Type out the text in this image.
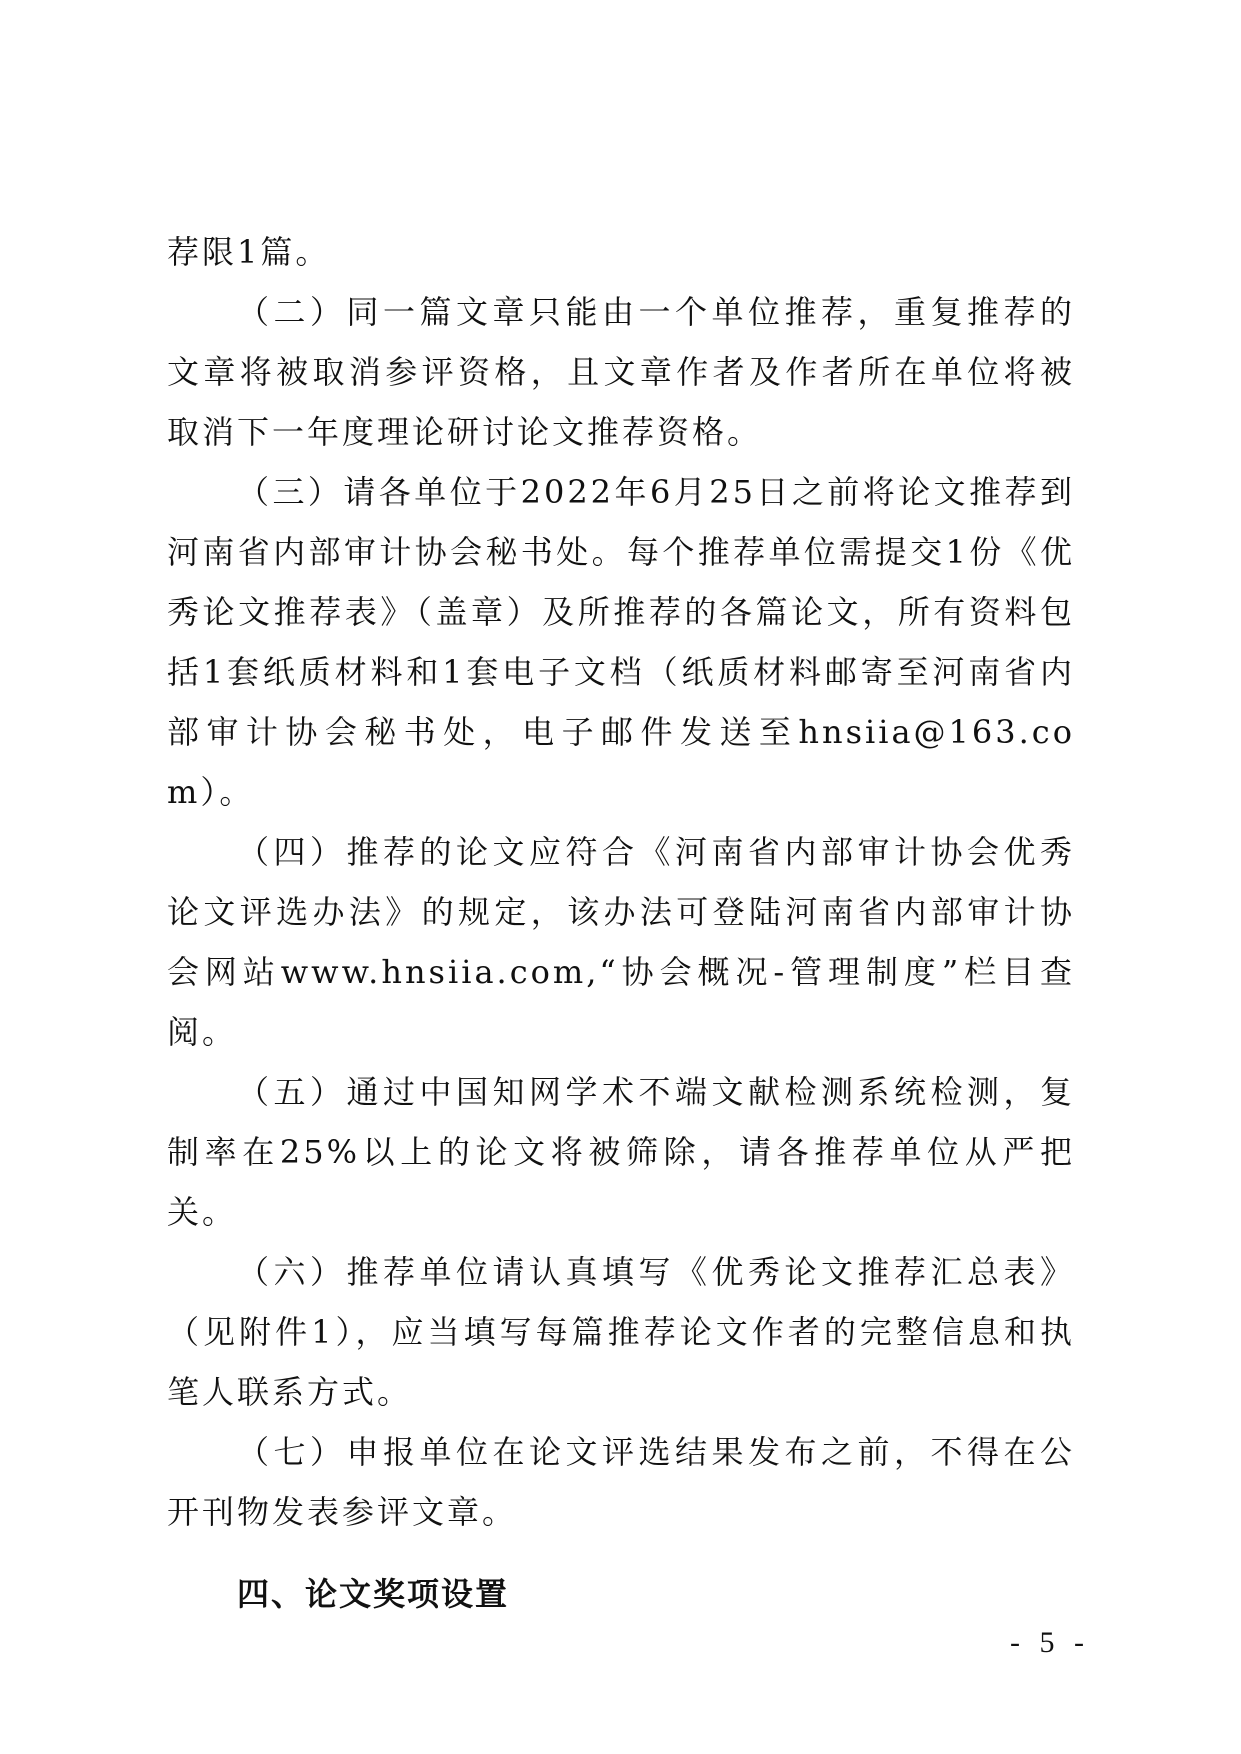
荐限1篇。

（二）同一篇文章只能由一个单位推荐，重复推荐的文章将被取消参评资格，且文章作者及作者所在单位将被取消下一年度理论研讨论文推荐资格。

（三）请各单位于2022年6月25日之前将论文推荐到河南省内部审计协会秘书处。每个推荐单位需提交1份《优秀论文推荐表》（盖章）及所推荐的各篇论文，所有资料包括1套纸质材料和1套电子文档（纸质材料邮寄至河南省内部审计协会秘书处，电子邮件发送至hnsiia@163.com）。

（四）推荐的论文应符合《河南省内部审计协会优秀论文评选办法》的规定，该办法可登陆河南省内部审计协会网站www.hnsiia.com,“协会概况-管理制度”栏目查阅。

（五）通过中国知网学术不端文献检测系统检测，复制率在25%以上的论文将被筛除，请各推荐单位从严把关。

（六）推荐单位请认真填写《优秀论文推荐汇总表》（见附件1），应当填写每篇推荐论文作者的完整信息和执笔人联系方式。

（七）申报单位在论文评选结果发布之前，不得在公开刊物发表参评文章。

四、论文奖项设置
- 5 -
